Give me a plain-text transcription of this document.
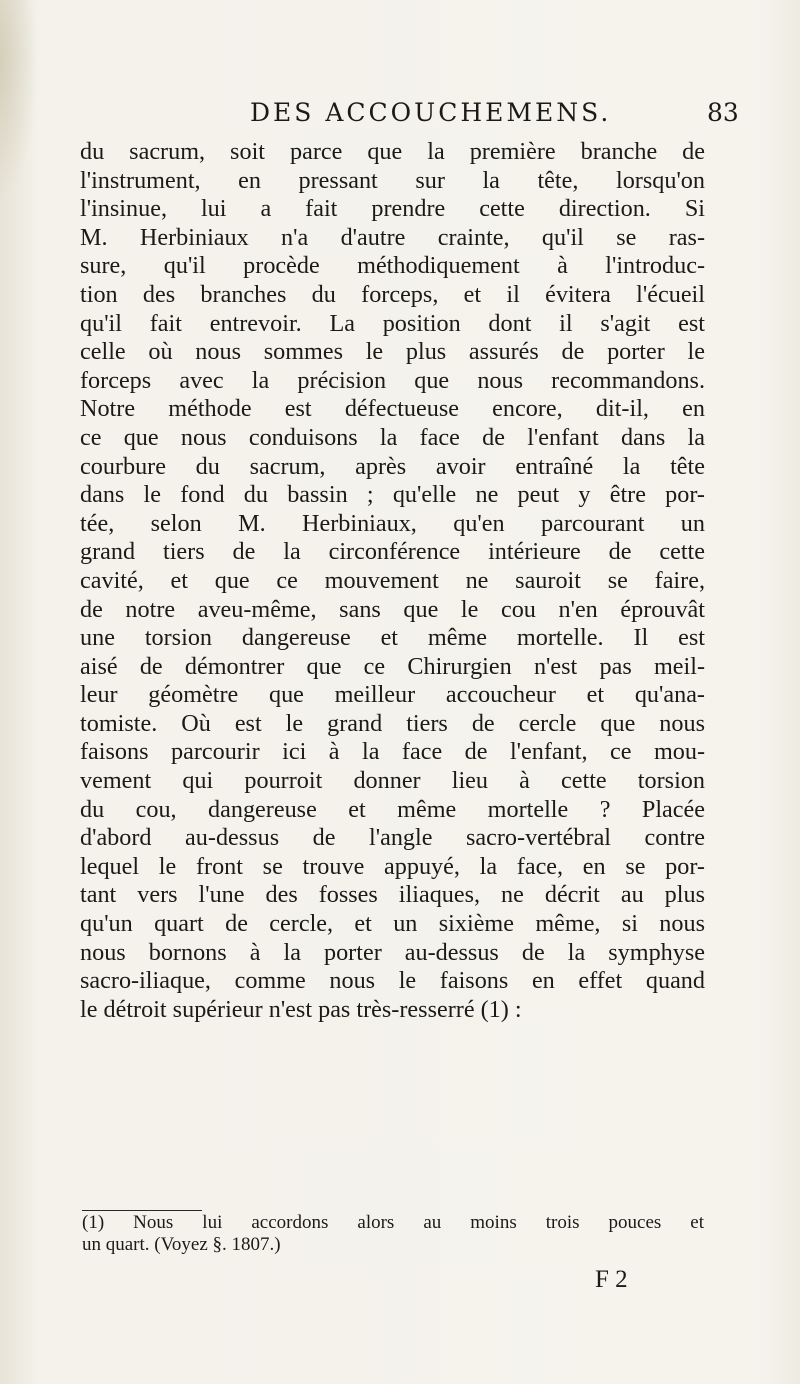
DES ACCOUCHEMENS.	83
du sacrum, soit parce que la première branche de
l'instrument, en pressant sur la tête, lorsqu'on
l'insinue, lui a fait prendre cette direction. Si
M. Herbiniaux n'a d'autre crainte, qu'il se ras-
sure, qu'il procède méthodiquement à l'introduc-
tion des branches du forceps, et il évitera l'écueil
qu'il fait entrevoir. La position dont il s'agit est
celle où nous sommes le plus assurés de porter le
forceps avec la précision que nous recommandons.
Notre méthode est défectueuse encore, dit-il, en
ce que nous conduisons la face de l'enfant dans la
courbure du sacrum, après avoir entraîné la tête
dans le fond du bassin ; qu'elle ne peut y être por-
tée, selon M. Herbiniaux, qu'en parcourant un
grand tiers de la circonférence intérieure de cette
cavité, et que ce mouvement ne sauroit se faire,
de notre aveu-même, sans que le cou n'en éprouvât
une torsion dangereuse et même mortelle. Il est
aisé de démontrer que ce Chirurgien n'est pas meil-
leur géomètre que meilleur accoucheur et qu'ana-
tomiste. Où est le grand tiers de cercle que nous
faisons parcourir ici à la face de l'enfant, ce mou-
vement qui pourroit donner lieu à cette torsion
du cou, dangereuse et même mortelle ? Placée
d'abord au-dessus de l'angle sacro-vertébral contre
lequel le front se trouve appuyé, la face, en se por-
tant vers l'une des fosses iliaques, ne décrit au plus
qu'un quart de cercle, et un sixième même, si nous
nous bornons à la porter au-dessus de la symphyse
sacro-iliaque, comme nous le faisons en effet quand
le détroit supérieur n'est pas très-resserré (1) :
(1) Nous lui accordons alors au moins trois pouces et
un quart. (Voyez §. 1807.)
F 2
